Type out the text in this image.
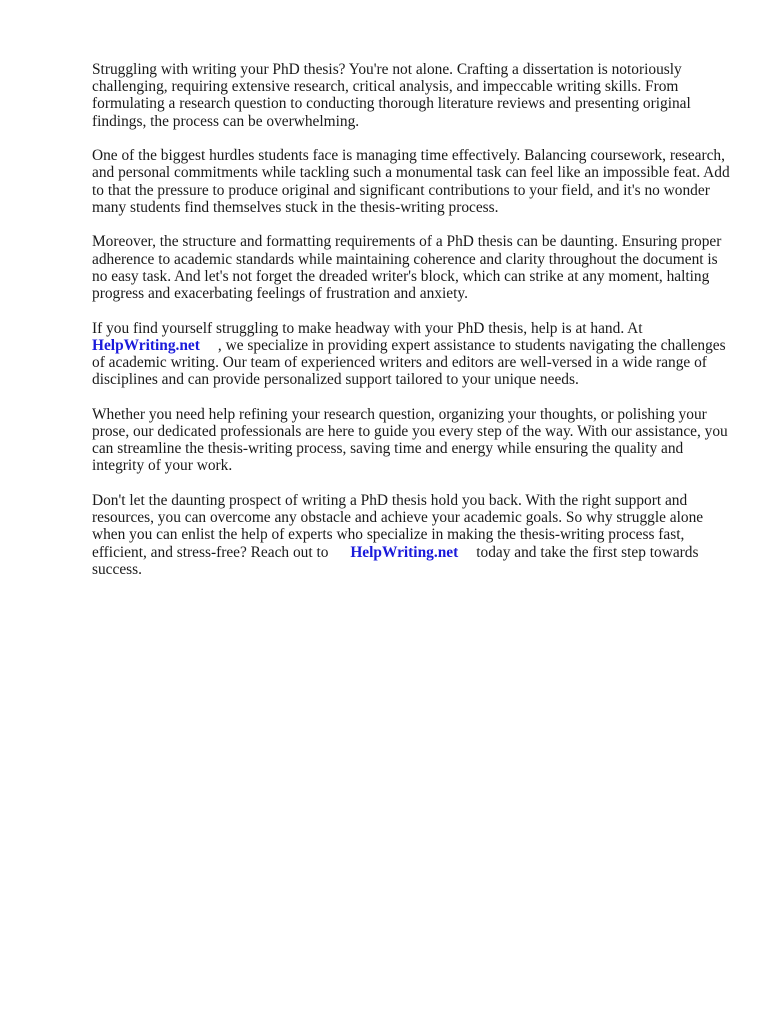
Struggling with writing your PhD thesis? You're not alone. Crafting a dissertation is notoriously challenging, requiring extensive research, critical analysis, and impeccable writing skills. From formulating a research question to conducting thorough literature reviews and presenting original findings, the process can be overwhelming.

One of the biggest hurdles students face is managing time effectively. Balancing coursework, research, and personal commitments while tackling such a monumental task can feel like an impossible feat. Add to that the pressure to produce original and significant contributions to your field, and it's no wonder many students find themselves stuck in the thesis-writing process.

Moreover, the structure and formatting requirements of a PhD thesis can be daunting. Ensuring proper adherence to academic standards while maintaining coherence and clarity throughout the document is no easy task. And let's not forget the dreaded writer's block, which can strike at any moment, halting progress and exacerbating feelings of frustration and anxiety.

If you find yourself struggling to make headway with your PhD thesis, help is at hand. At
HelpWriting.net , we specialize in providing expert assistance to students navigating the challenges of academic writing. Our team of experienced writers and editors are well-versed in a wide range of disciplines and can provide personalized support tailored to your unique needs.

Whether you need help refining your research question, organizing your thoughts, or polishing your prose, our dedicated professionals are here to guide you every step of the way. With our assistance, you can streamline the thesis-writing process, saving time and energy while ensuring the quality and integrity of your work.

Don't let the daunting prospect of writing a PhD thesis hold you back. With the right support and resources, you can overcome any obstacle and achieve your academic goals. So why struggle alone when you can enlist the help of experts who specialize in making the thesis-writing process fast, efficient, and stress-free? Reach out to HelpWriting.net today and take the first step towards success.
